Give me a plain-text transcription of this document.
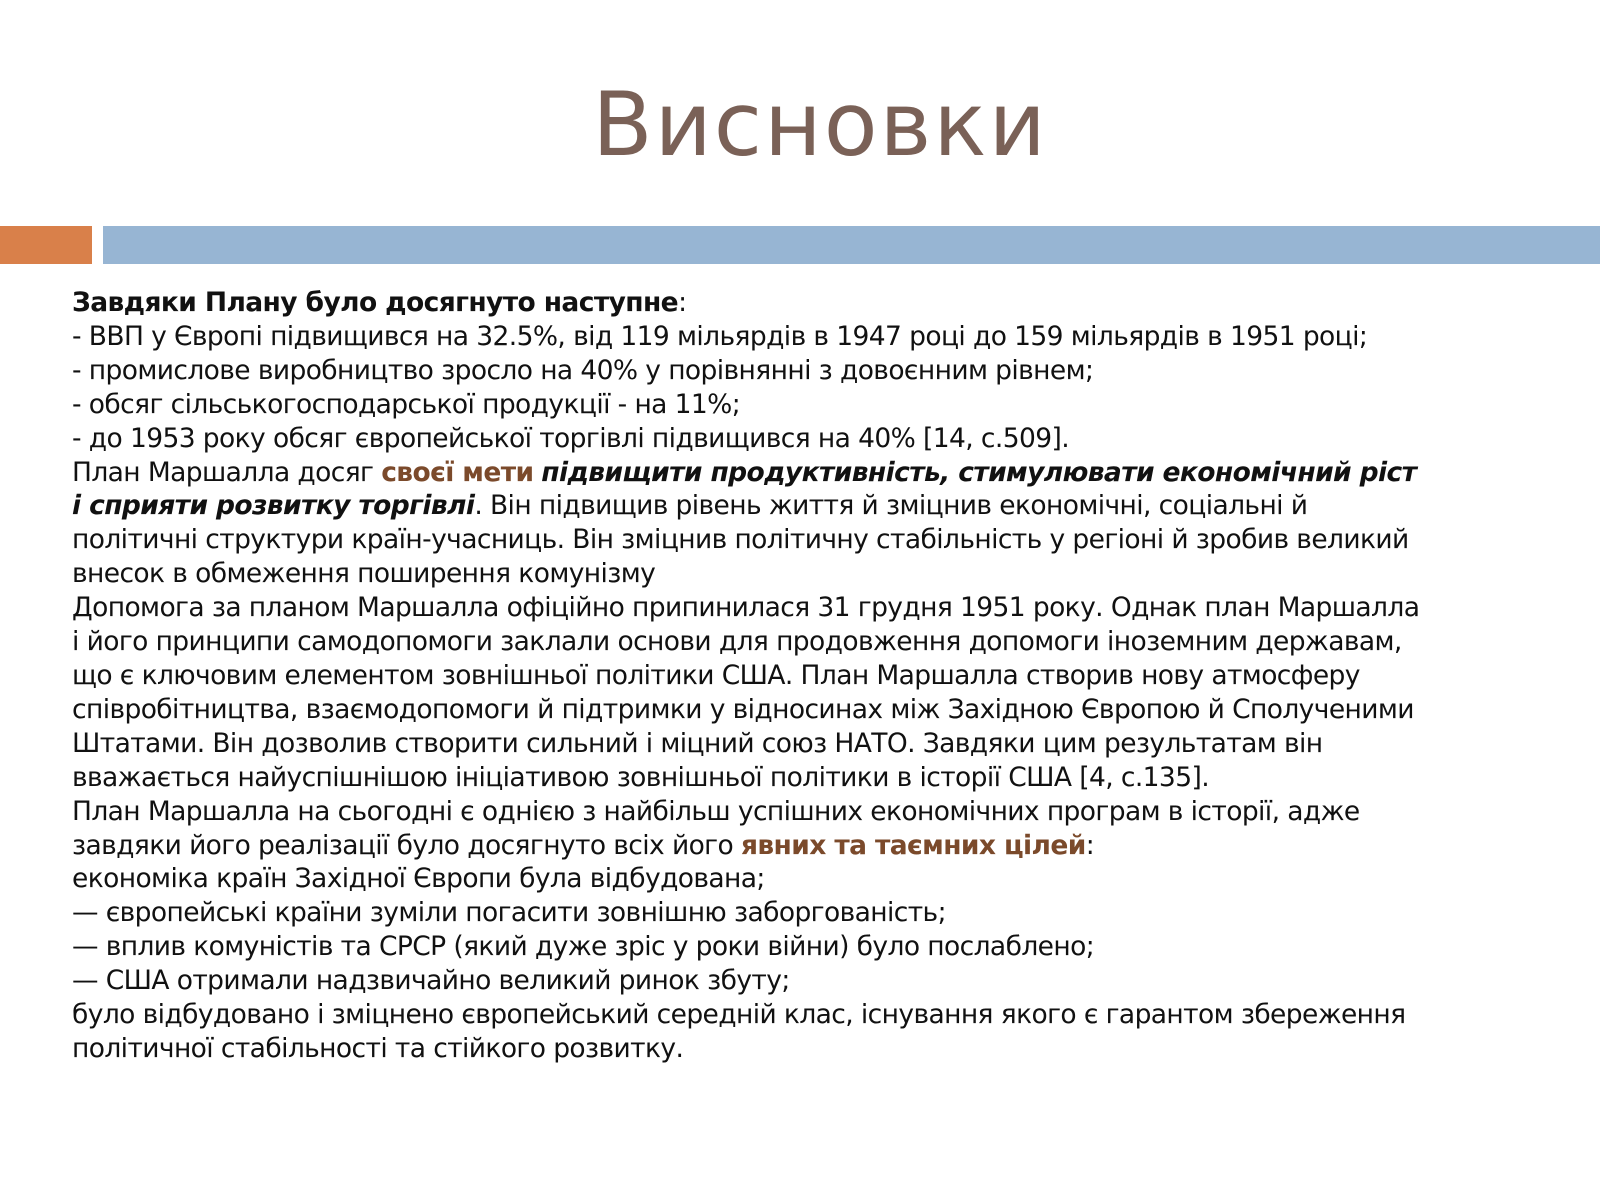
Висновки
Завдяки Плану було досягнуто наступне:
- ВВП у Європі підвищився на 32.5%, від 119 мільярдів в 1947 році до 159 мільярдів в 1951 році;
- промислове виробництво зросло на 40% у порівнянні з довоєнним рівнем;
- обсяг сільськогосподарської продукції - на 11%;
- до 1953 року обсяг європейської торгівлі підвищився на 40% [14, с.509].
План Маршалла досяг своєї мети підвищити продуктивність, стимулювати економічний ріст
і сприяти розвитку торгівлі. Він підвищив рівень життя й зміцнив економічні, соціальні й
політичні структури країн-учасниць. Він зміцнив політичну стабільність у регіоні й зробив великий
внесок в обмеження поширення комунізму
Допомога за планом Маршалла офіційно припинилася 31 грудня 1951 року. Однак план Маршалла
і його принципи самодопомоги заклали основи для продовження допомоги іноземним державам,
що є ключовим елементом зовнішньої політики США. План Маршалла створив нову атмосферу
співробітництва, взаємодопомоги й підтримки у відносинах між Західною Європою й Сполученими
Штатами. Він дозволив створити сильний і міцний союз НАТО. Завдяки цим результатам він
вважається найуспішнішою ініціативою зовнішньої політики в історії США [4, с.135].
План Маршалла на сьогодні є однією з найбільш успішних економічних програм в історії, адже
завдяки його реалізації було досягнуто всіх його явних та таємних цілей:
економіка країн Західної Європи була відбудована;
— європейські країни зуміли погасити зовнішню заборгованість;
— вплив комуністів та СРСР (який дуже зріс у роки війни) було послаблено;
— США отримали надзвичайно великий ринок збуту;
було відбудовано і зміцнено європейський середній клас, існування якого є гарантом збереження
політичної стабільності та стійкого розвитку.
